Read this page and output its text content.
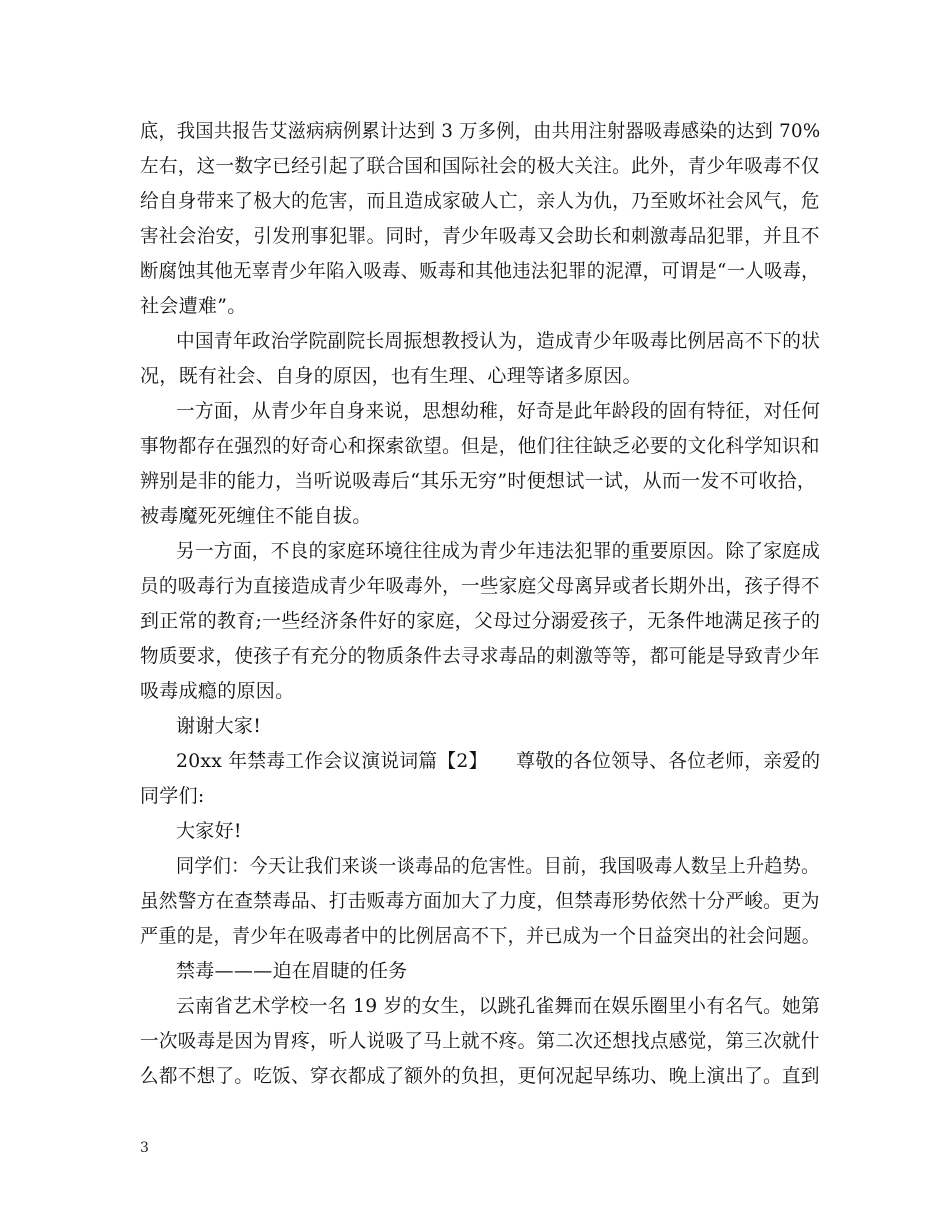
底，我国共报告艾滋病病例累计达到 3 万多例，由共用注射器吸毒感染的达到 70%
左右，这一数字已经引起了联合国和国际社会的极大关注。此外，青少年吸毒不仅
给自身带来了极大的危害，而且造成家破人亡，亲人为仇，乃至败坏社会风气，危
害社会治安，引发刑事犯罪。同时，青少年吸毒又会助长和刺激毒品犯罪，并且不
断腐蚀其他无辜青少年陷入吸毒、贩毒和其他违法犯罪的泥潭，可谓是“一人吸毒，
社会遭难”。
中国青年政治学院副院长周振想教授认为，造成青少年吸毒比例居高不下的状
况，既有社会、自身的原因，也有生理、心理等诸多原因。
一方面，从青少年自身来说，思想幼稚，好奇是此年龄段的固有特征，对任何
事物都存在强烈的好奇心和探索欲望。但是，他们往往缺乏必要的文化科学知识和
辨别是非的能力，当听说吸毒后“其乐无穷”时便想试一试，从而一发不可收拾，
被毒魔死死缠住不能自拔。
另一方面，不良的家庭环境往往成为青少年违法犯罪的重要原因。除了家庭成
员的吸毒行为直接造成青少年吸毒外，一些家庭父母离异或者长期外出，孩子得不
到正常的教育;一些经济条件好的家庭，父母过分溺爱孩子，无条件地满足孩子的
物质要求，使孩子有充分的物质条件去寻求毒品的刺激等等，都可能是导致青少年
吸毒成瘾的原因。
谢谢大家!
20xx 年禁毒工作会议演说词篇【2】　　尊敬的各位领导、各位老师，亲爱的
同学们:
大家好!
同学们：今天让我们来谈一谈毒品的危害性。目前，我国吸毒人数呈上升趋势。
虽然警方在查禁毒品、打击贩毒方面加大了力度，但禁毒形势依然十分严峻。更为
严重的是，青少年在吸毒者中的比例居高不下，并已成为一个日益突出的社会问题。
禁毒———迫在眉睫的任务
云南省艺术学校一名 19 岁的女生，以跳孔雀舞而在娱乐圈里小有名气。她第
一次吸毒是因为胃疼，听人说吸了马上就不疼。第二次还想找点感觉，第三次就什
么都不想了。吃饭、穿衣都成了额外的负担，更何况起早练功、晚上演出了。直到
3
